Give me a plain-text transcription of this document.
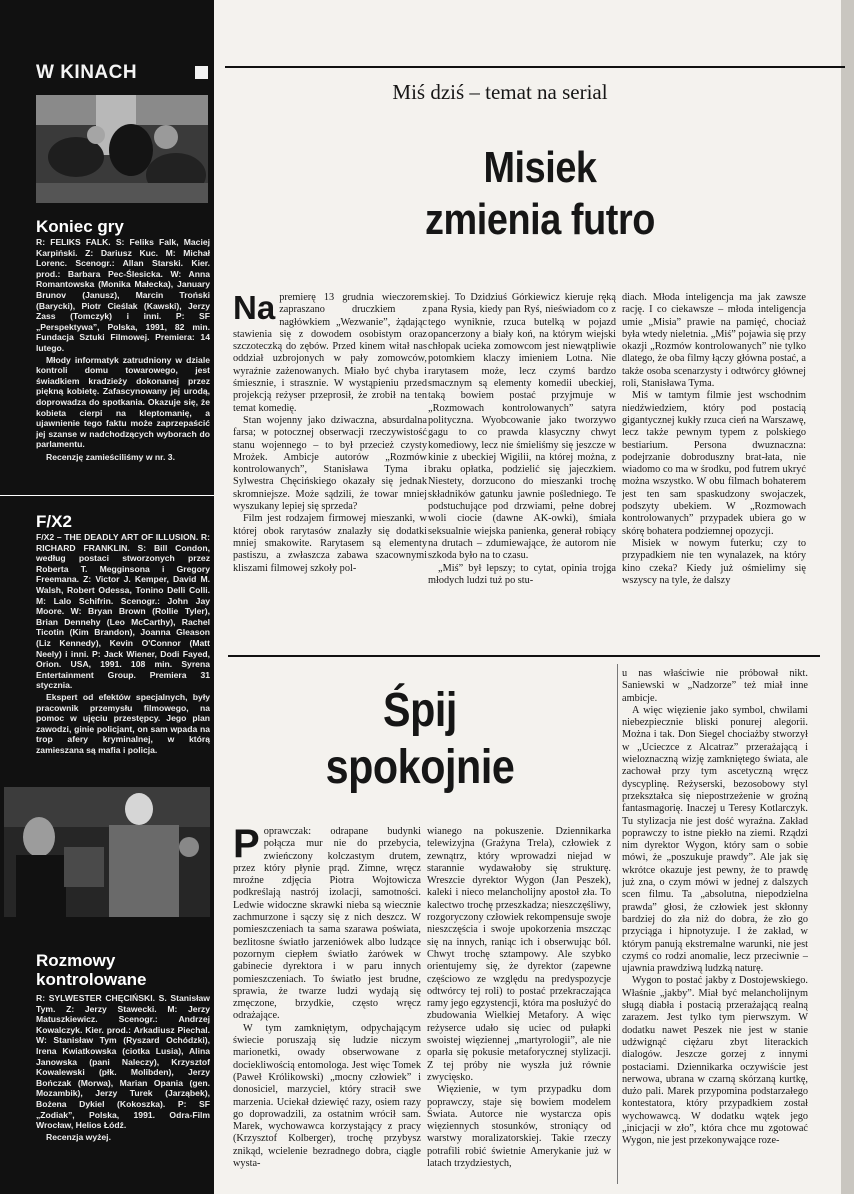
W KINACH
Koniec gry

R: FELIKS FALK. S: Feliks Falk, Maciej Karpiński. Z: Dariusz Kuc. M: Michał Lorenc. Scenogr.: Allan Starski. Kier. prod.: Barbara Pec-Ślesicka. W: Anna Romantowska (Monika Małecka), January Brunov (Janusz), Marcin Troński (Barycki), Piotr Cieślak (Kawski), Jerzy Zass (Tomczyk) i inni. P: SF „Perspektywa”, Polska, 1991, 82 min. Fundacja Sztuki Filmowej. Premiera: 14 lutego.

Młody informatyk zatrudniony w dziale kontroli domu towarowego, jest świadkiem kradzieży dokonanej przez piękną kobietę. Zafascynowany jej urodą, doprowadza do spotkania. Okazuje się, że kobieta cierpi na kleptomanię, a ujawnienie tego faktu może zaprzepaścić jej szanse w nadchodzących wyborach do parlamentu.

Recenzję zamieściliśmy w nr. 3.

F/X2

F/X2 – THE DEADLY ART OF ILLUSION. R: RICHARD FRANKLIN. S: Bill Condon, według postaci stworzonych przez Roberta T. Megginsona i Gregory Freemana. Z: Victor J. Kemper, David M. Walsh, Robert Odessa, Tonino Delli Colli. M: Lalo Schifrin. Scenogr.: John Jay Moore. W: Bryan Brown (Rollie Tyler), Brian Dennehy (Leo McCarthy), Rachel Ticotin (Kim Brandon), Joanna Gleason (Liz Kennedy), Kevin O'Connor (Matt Neely) i inni. P: Jack Wiener, Dodi Fayed, Orion. USA, 1991. 108 min. Syrena Entertainment Group. Premiera 31 stycznia.

Ekspert od efektów specjalnych, były pracownik przemysłu filmowego, na pomoc w ujęciu przestępcy. Jego plan zawodzi, ginie policjant, on sam wpada na trop afery kryminalnej, w którą zamieszana są mafia i policja.

Rozmowy
kontrolowane

R: SYLWESTER CHĘCIŃSKI. S. Stanisław Tym. Z: Jerzy Stawecki. M: Jerzy Matuszkiewicz. Scenogr.: Andrzej Kowalczyk. Kier. prod.: Arkadiusz Piechal. W: Stanisław Tym (Ryszard Ochódzki), Irena Kwiatkowska (ciotka Lusia), Alina Janowska (pani Naleczy), Krzysztof Kowalewski (płk. Molibden), Jerzy Bończak (Morwa), Marian Opania (gen. Mozambik), Jerzy Turek (Jarząbek), Bożena Dykiel (Kokoszka). P: SF „Zodiak”, Polska, 1991. Odra-Film Wrocław, Helios Łódź.

Recenzja wyżej.

Miś dziś – temat na serial
Misiek
zmienia futro
Na premierę 13 grudnia wieczorem zapraszano druczkiem z nagłówkiem „Wezwanie”, żądając stawienia się z dowodem osobistym oraz szczoteczką do zębów. Przed kinem witał nas oddział uzbrojonych w pały zomowców, wyraźnie zażenowanych. Miało być chyba i śmiesznie, i strasznie. W wystąpieniu przed projekcją reżyser przeprosił, że zrobił na ten temat komedię.

Stan wojenny jako dziwaczna, absurdalna farsa; w potocznej obserwacji rzeczywistość stanu wojennego – to był przecież czysty Mrożek. Ambicje autorów „Rozmów kontrolowanych”, Stanisława Tyma i Sylwestra Chęcińskiego okazały się jednak skromniejsze. Może sądzili, że towar mniej wyszukany lepiej się sprzeda?

Film jest rodzajem firmowej mieszanki, w której obok rarytasów znalazły się dodatki mniej smakowite. Rarytasem są elementy pastiszu, a zwłaszcza zabawa szacownymi kliszami filmowej szkoły pol-

skiej. To Dzidziuś Górkiewicz kieruje ręką pana Rysia, kiedy pan Ryś, nieświadom co z tego wyniknie, rzuca butelką w pojazd opancerzony a biały koń, na którym wiejski chłopak ucieka zomowcom jest niewątpliwie potomkiem klaczy imieniem Lotna. Nie rarytasem może, lecz czymś bardzo smacznym są elementy komedii ubeckiej, taką bowiem postać przyjmuje w „Rozmowach kontrolowanych” satyra polityczna. Wyobcowanie jako tworzywo gagu to co prawda klasyczny chwyt komediowy, lecz nie śmieliśmy się jeszcze w kinie z ubeckiej Wigilii, na której można, z braku opłatka, podzielić się jajeczkiem. Niestety, dorzucono do mieszanki trochę składników gatunku jawnie pośledniego. Te podstuchujące pod drzwiami, pełne dobrej woli ciocie (dawne AK-owki), śmiała seksualnie wiejska panienka, generał robiący na drutach – zdumiewające, że autorom nie szkoda było na to czasu.

„Miś” był lepszy; to cytat, opinia trojga młodych ludzi tuż po stu-

diach. Młoda inteligencja ma jak zawsze rację. I co ciekawsze – młoda inteligencja umie „Misia” prawie na pamięć, chociaż była wtedy nieletnia. „Miś” pojawia się przy okazji „Rozmów kontrolowanych” nie tylko dlatego, że oba filmy łączy główna postać, a także osoba scenarzysty i odtwórcy głównej roli, Stanisława Tyma.

Miś w tamtym filmie jest wschodnim niedźwiedziem, który pod postacią gigantycznej kukły rzuca cień na Warszawę, lecz także pewnym typem z polskiego bestiarium. Persona dwuznaczna: podejrzanie dobroduszny brat-łata, nie wiadomo co ma w środku, pod futrem ukryć można wszystko. W obu filmach bohaterem jest ten sam spaskudzony swojaczek, podszyty ubekiem. W „Rozmowach kontrolowanych” przypadek ubiera go w skórę bohatera podziemnej opozycji.

Misiek w nowym futerku; czy to przypadkiem nie ten wynalazek, na który kino czeka? Kiedy już ośmielimy się wszyscy na tyle, że dalszy

Śpij
spokojnie
P oprawczak: odrapane budynki połącza mur nie do przebycia, zwieńczony kolczastym drutem, przez który płynie prąd. Zimne, wręcz mroźne zdjęcia Piotra Wojtowicza podkreślają nastrój izolacji, samotności. Ledwie widoczne skrawki nieba są wiecznie zachmurzone i sączy się z nich deszcz. W pomieszczeniach ta sama szarawa poświata, bezlitosne światło jarzeniówek albo ludzące pozornym ciepłem światło żarówek w gabinecie dyrektora i w paru innych pomieszczeniach. To światło jest brudne, sprawia, że twarze ludzi wydają się zmęczone, brzydkie, często wręcz odrażające.

W tym zamkniętym, odpychającym świecie poruszają się ludzie niczym marionetki, owady obserwowane z dociekliwością entomologa. Jest więc Tomek (Paweł Królikowski) „mocny człowiek” i donosiciel, marzyciel, który stracił swe marzenia. Uciekał dziewięć razy, osiem razy go doprowadzili, za ostatnim wrócił sam. Marek, wychowawca korzystający z pracy (Krzysztof Kolberger), trochę przybysz znikąd, wcielenie bezradnego dobra, ciągle wysta-

wianego na pokuszenie. Dziennikarka telewizyjna (Grażyna Trela), człowiek z zewnątrz, który wprowadzi niejad w starannie wydawałoby się strukturę. Wreszcie dyrektor Wygon (Jan Peszek), kaleki i nieco melancholijny apostoł zła. To kalectwo trochę przeszkadza; nieszczęśliwy, rozgoryczony człowiek rekompensuje swoje nieszczęścia i swoje upokorzenia mszcząc się na innych, raniąc ich i obserwując ból. Chwyt trochę sztampowy. Ale szybko orientujemy się, że dyrektor (zapewne częściowo ze względu na predyspozycje odtwórcy tej roli) to postać przekraczająca ramy jego egzystencji, która ma posłużyć do zbudowania Wielkiej Metafory. A więc reżyserce udało się uciec od pułapki swoistej więziennej „martyrologii”, ale nie oparła się pokusie metaforycznej stylizacji. Z tej próby nie wyszła już równie zwycięsko.

Więzienie, w tym przypadku dom poprawczy, staje się bowiem modelem Świata. Autorce nie wystarcza opis więziennych stosunków, stroniący od warstwy moralizatorskiej. Takie rzeczy potrafili robić świetnie Amerykanie już w latach trzydziestych,

u nas właściwie nie próbował nikt. Saniewski w „Nadzorze” też miał inne ambicje.

A więc więzienie jako symbol, chwilami niebezpiecznie bliski ponurej alegorii. Można i tak. Don Siegel chociażby stworzył w „Ucieczce z Alcatraz” przerażającą i wieloznaczną wizję zamkniętego świata, ale zachował przy tym ascetyczną wręcz dyscyplinę. Reżyserski, bezosobowy styl przekształca się niepostrzeżenie w groźną fantasmagorię. Inaczej u Teresy Kotlarczyk. Tu stylizacja nie jest dość wyraźna. Zakład poprawczy to istne piekło na ziemi. Rządzi nim dyrektor Wygon, który sam o sobie mówi, że „poszukuje prawdy”. Ale jak się wkrótce okazuje jest pewny, że to prawdę już zna, o czym mówi w jednej z dalszych scen filmu. Ta „absolutna, niepodzielna prawda” głosi, że człowiek jest skłonny bardziej do zła niż do dobra, że zło go przyciąga i hipnotyzuje. I że zakład, w którym panują ekstremalne warunki, nie jest czymś co rodzi anomalie, lecz przeciwnie – ujawnia prawdziwą ludzką naturę.

Wygon to postać jakby z Dostojewskiego. Właśnie „jakby”. Miał być melancholijnym sługą diabła i postacią przerażającą realną zarazem. Jest tylko tym pierwszym. W dodatku nawet Peszek nie jest w stanie udźwignąć ciężaru zbyt literackich dialogów. Jeszcze gorzej z innymi postaciami. Dziennikarka oczywiście jest nerwowa, ubrana w czarną skórzaną kurtkę, dużo pali. Marek przypomina podstarzałego kontestatora, który przypadkiem został wychowawcą. W dodatku wątek jego „inicjacji w zło”, która chce mu zgotować Wygon, nie jest przekonywające roze-
